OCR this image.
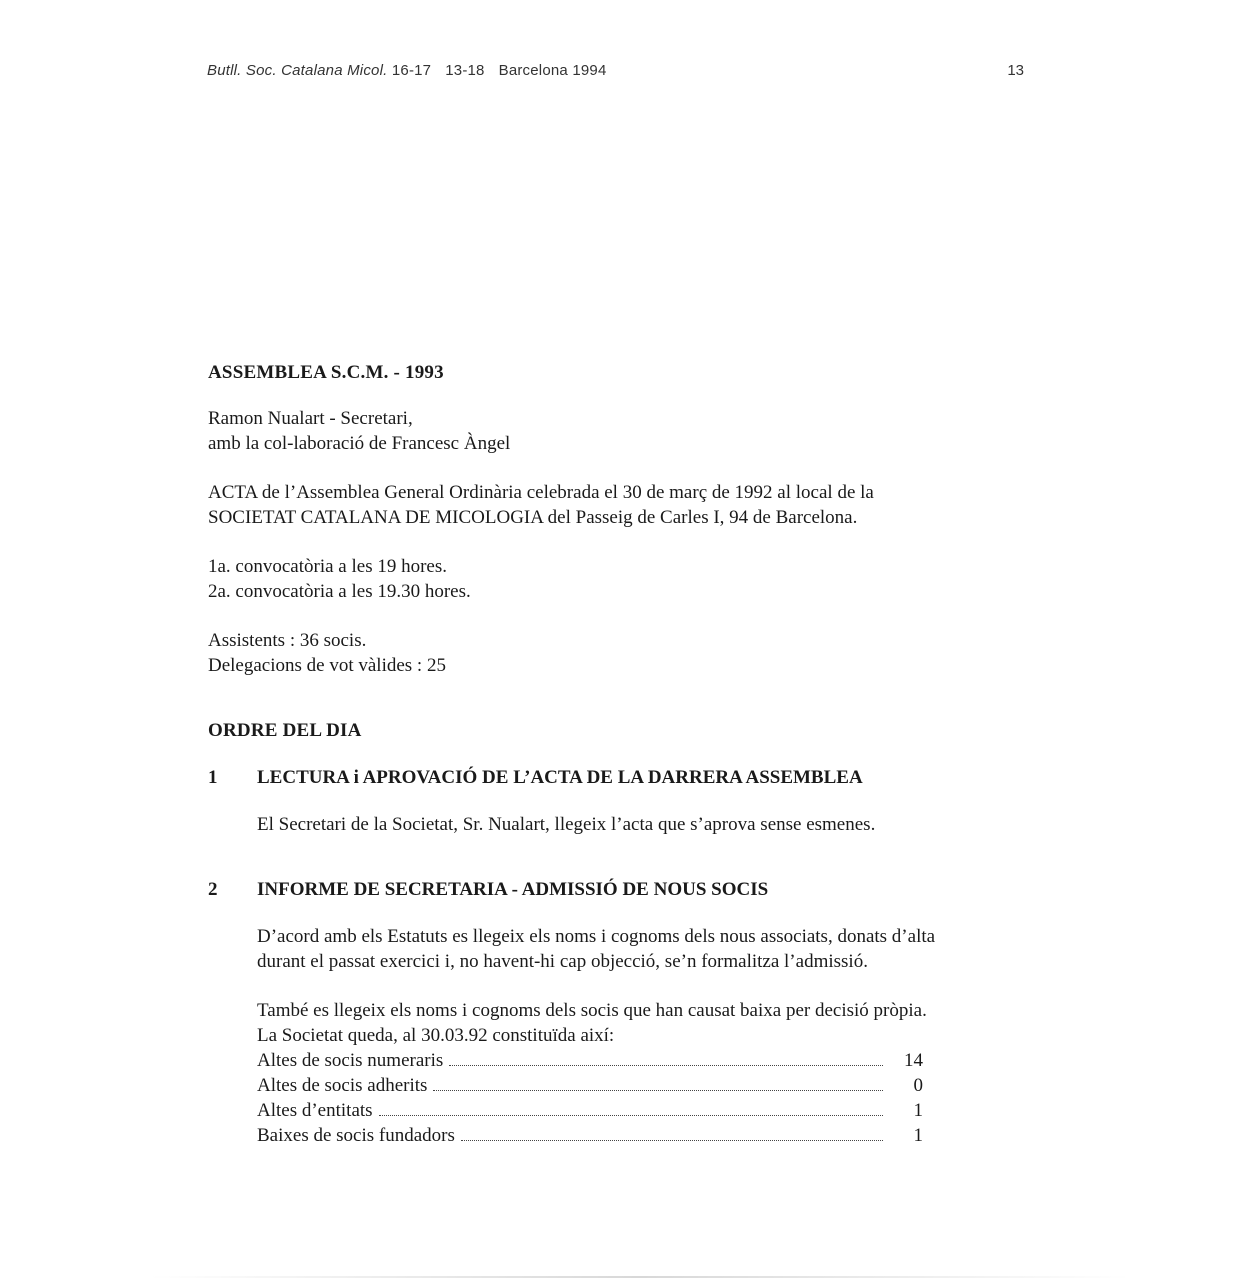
Butll. Soc. Catalana Micol. 16-17 13-18 Barcelona 1994	13
ASSEMBLEA S.C.M. - 1993
Ramon Nualart - Secretari,
amb la col-laboració de Francesc Àngel
ACTA de l’Assemblea General Ordinària celebrada el 30 de març de 1992 al local de la
SOCIETAT CATALANA DE MICOLOGIA del Passeig de Carles I, 94 de Barcelona.
1a. convocatòria a les 19 hores.
2a. convocatòria a les 19.30 hores.
Assistents : 36 socis.
Delegacions de vot vàlides : 25
ORDRE DEL DIA
1	LECTURA i APROVACIÓ DE L’ACTA DE LA DARRERA ASSEMBLEA
El Secretari de la Societat, Sr. Nualart, llegeix l’acta que s’aprova sense esmenes.
2	INFORME DE SECRETARIA - ADMISSIÓ DE NOUS SOCIS
D’acord amb els Estatuts es llegeix els noms i cognoms dels nous associats, donats d’alta
durant el passat exercici i, no havent-hi cap objecció, se’n formalitza l’admissió.
També es llegeix els noms i cognoms dels socis que han causat baixa per decisió pròpia.
La Societat queda, al 30.03.92 constituïda així:
Altes de socis numeraris	14
Altes de socis adherits	0
Altes d’entitats	1
Baixes de socis fundadors	1
